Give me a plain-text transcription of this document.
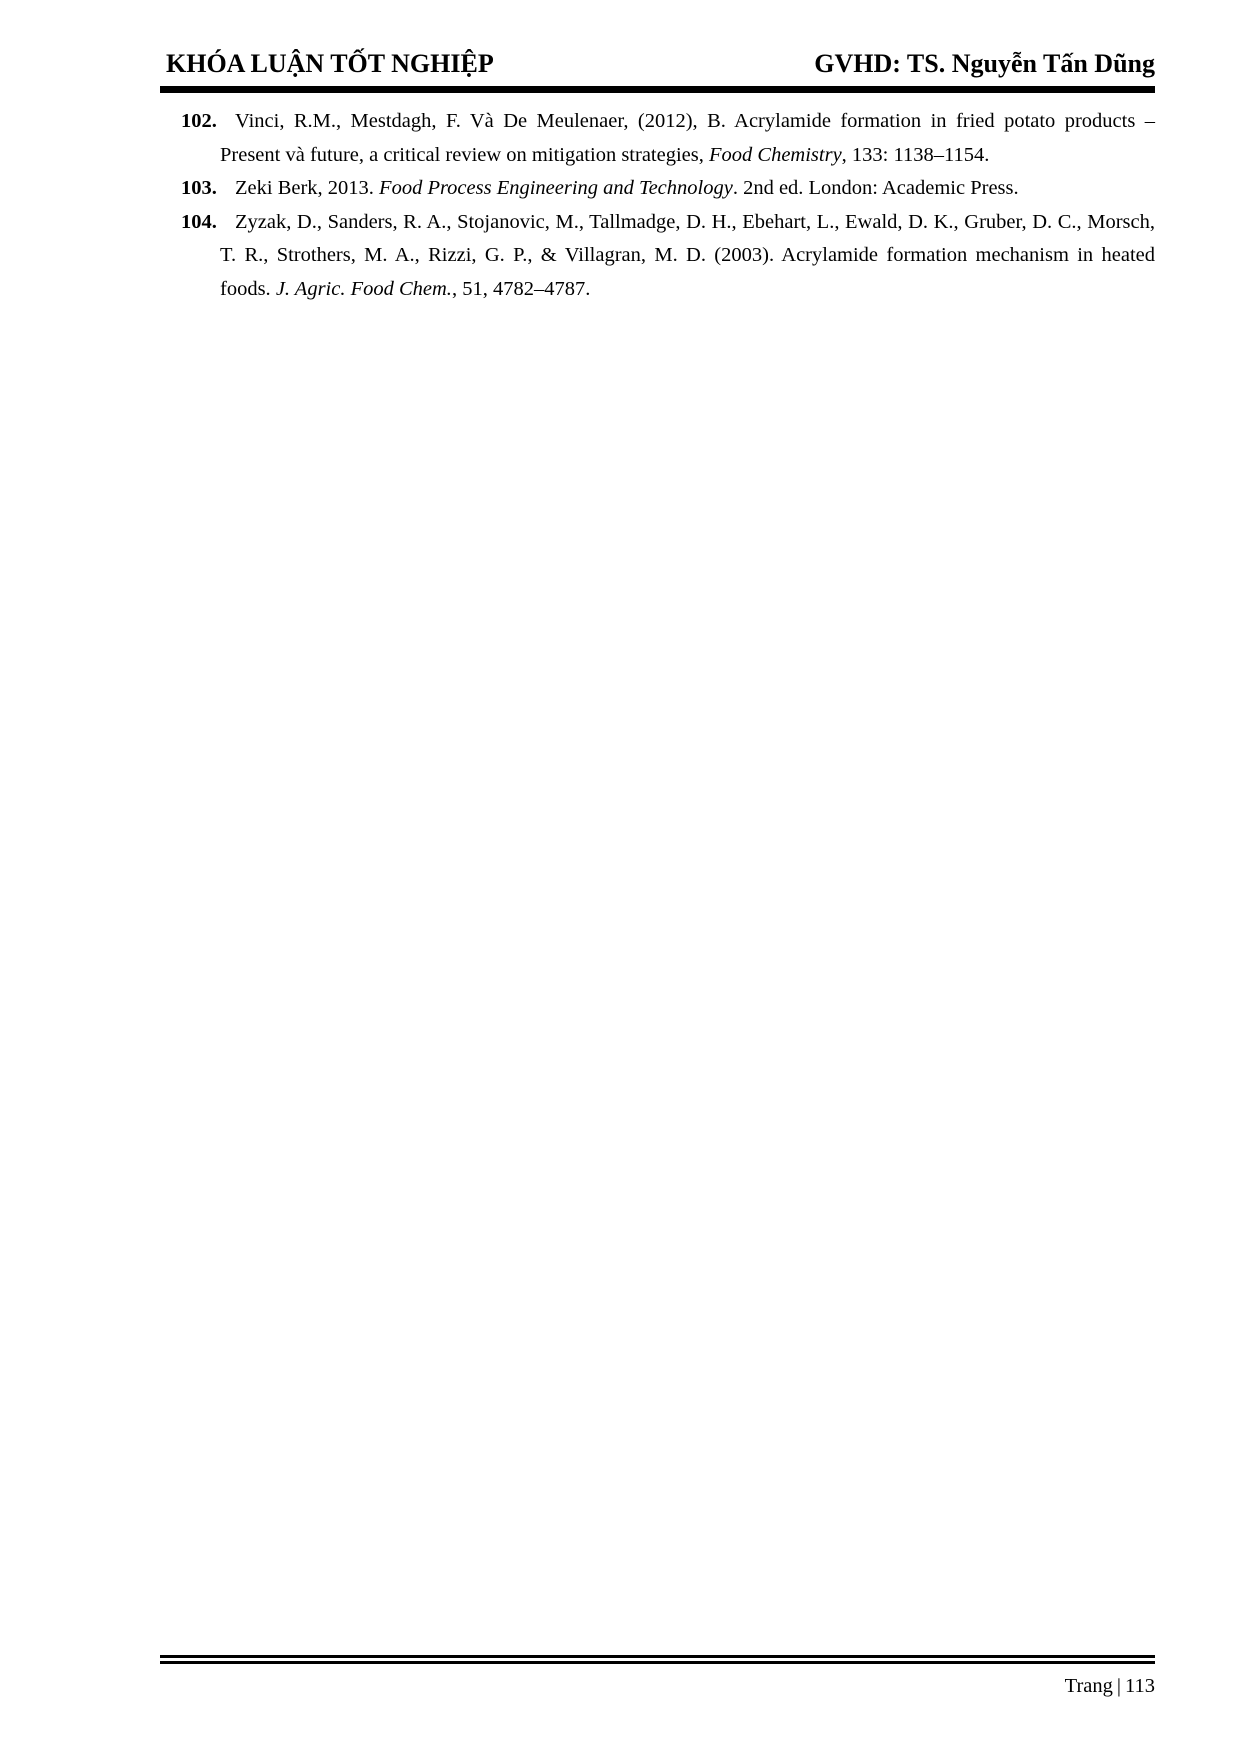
KHÓA LUẬN TỐT NGHIỆP	GVHD: TS. Nguyễn Tấn Dũng
102. Vinci, R.M., Mestdagh, F. Và De Meulenaer, (2012), B. Acrylamide formation in fried potato products – Present và future, a critical review on mitigation strategies, Food Chemistry, 133: 1138–1154.
103. Zeki Berk, 2013. Food Process Engineering and Technology. 2nd ed. London: Academic Press.
104. Zyzak, D., Sanders, R. A., Stojanovic, M., Tallmadge, D. H., Ebehart, L., Ewald, D. K., Gruber, D. C., Morsch, T. R., Strothers, M. A., Rizzi, G. P., & Villagran, M. D. (2003). Acrylamide formation mechanism in heated foods. J. Agric. Food Chem., 51, 4782–4787.
Trang | 113
